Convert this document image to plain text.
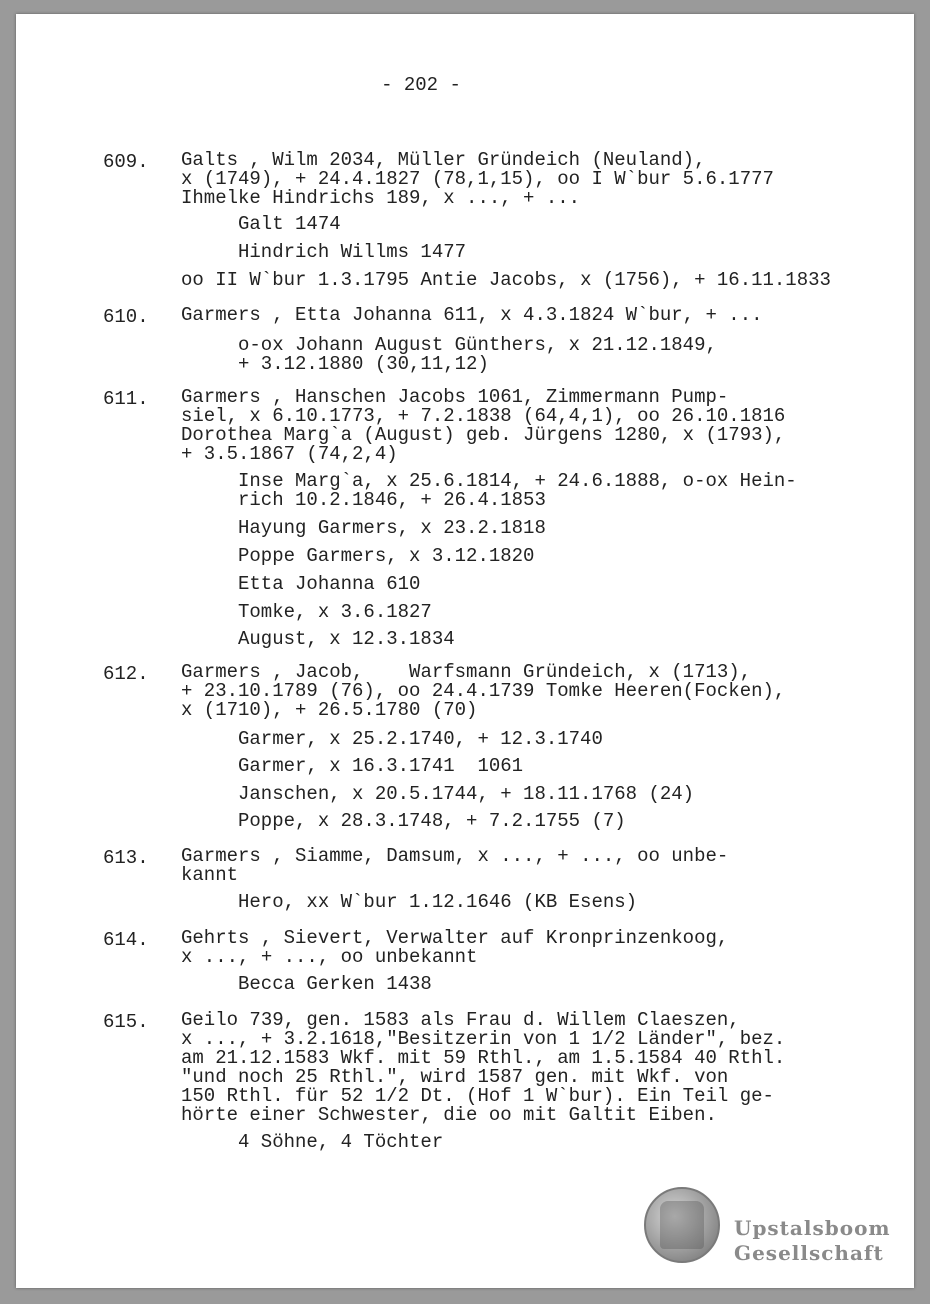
- 202 -
609. Galts , Wilm 2034, Müller Gründeich (Neuland),
x (1749), + 24.4.1827 (78,1,15), oo I W`bur 5.6.1777
Ihmelke Hindrichs 189, x ..., + ...
Galt 1474
Hindrich Willms 1477
oo II W`bur 1.3.1795 Antie Jacobs, x (1756), + 16.11.1833
610. Garmers , Etta Johanna 611, x 4.3.1824 W`bur, + ...
o-ox Johann August Günthers, x 21.12.1849,
+ 3.12.1880 (30,11,12)
611. Garmers , Hanschen Jacobs 1061, Zimmermann Pump-
siel, x 6.10.1773, + 7.2.1838 (64,4,1), oo 26.10.1816
Dorothea Marg`a (August) geb. Jürgens 1280, x (1793),
+ 3.5.1867 (74,2,4)
Inse Marg`a, x 25.6.1814, + 24.6.1888, o-ox Hein-
rich 10.2.1846, + 26.4.1853
Hayung Garmers, x 23.2.1818
Poppe Garmers, x 3.12.1820
Etta Johanna 610
Tomke, x 3.6.1827
August, x 12.3.1834
612. Garmers , Jacob,    Warfsmann Gründeich, x (1713),
+ 23.10.1789 (76), oo 24.4.1739 Tomke Heeren(Focken),
x (1710), + 26.5.1780 (70)
Garmer, x 25.2.1740, + 12.3.1740
Garmer, x 16.3.1741  1061
Janschen, x 20.5.1744, + 18.11.1768 (24)
Poppe, x 28.3.1748, + 7.2.1755 (7)
613. Garmers , Siamme, Damsum, x ..., + ..., oo unbe-
kannt
Hero, xx W`bur 1.12.1646 (KB Esens)
614. Gehrts , Sievert, Verwalter auf Kronprinzenkoog,
x ..., + ..., oo unbekannt
Becca Gerken 1438
615. Geilo 739, gen. 1583 als Frau d. Willem Claeszen,
x ..., + 3.2.1618,"Besitzerin von 1 1/2 Länder", bez.
am 21.12.1583 Wkf. mit 59 Rthl., am 1.5.1584 40 Rthl.
"und noch 25 Rthl.", wird 1587 gen. mit Wkf. von
150 Rthl. für 52 1/2 Dt. (Hof 1 W`bur). Ein Teil ge-
hörte einer Schwester, die oo mit Galtit Eiben.
4 Söhne, 4 Töchter
Upstalsboom
Gesellschaft
